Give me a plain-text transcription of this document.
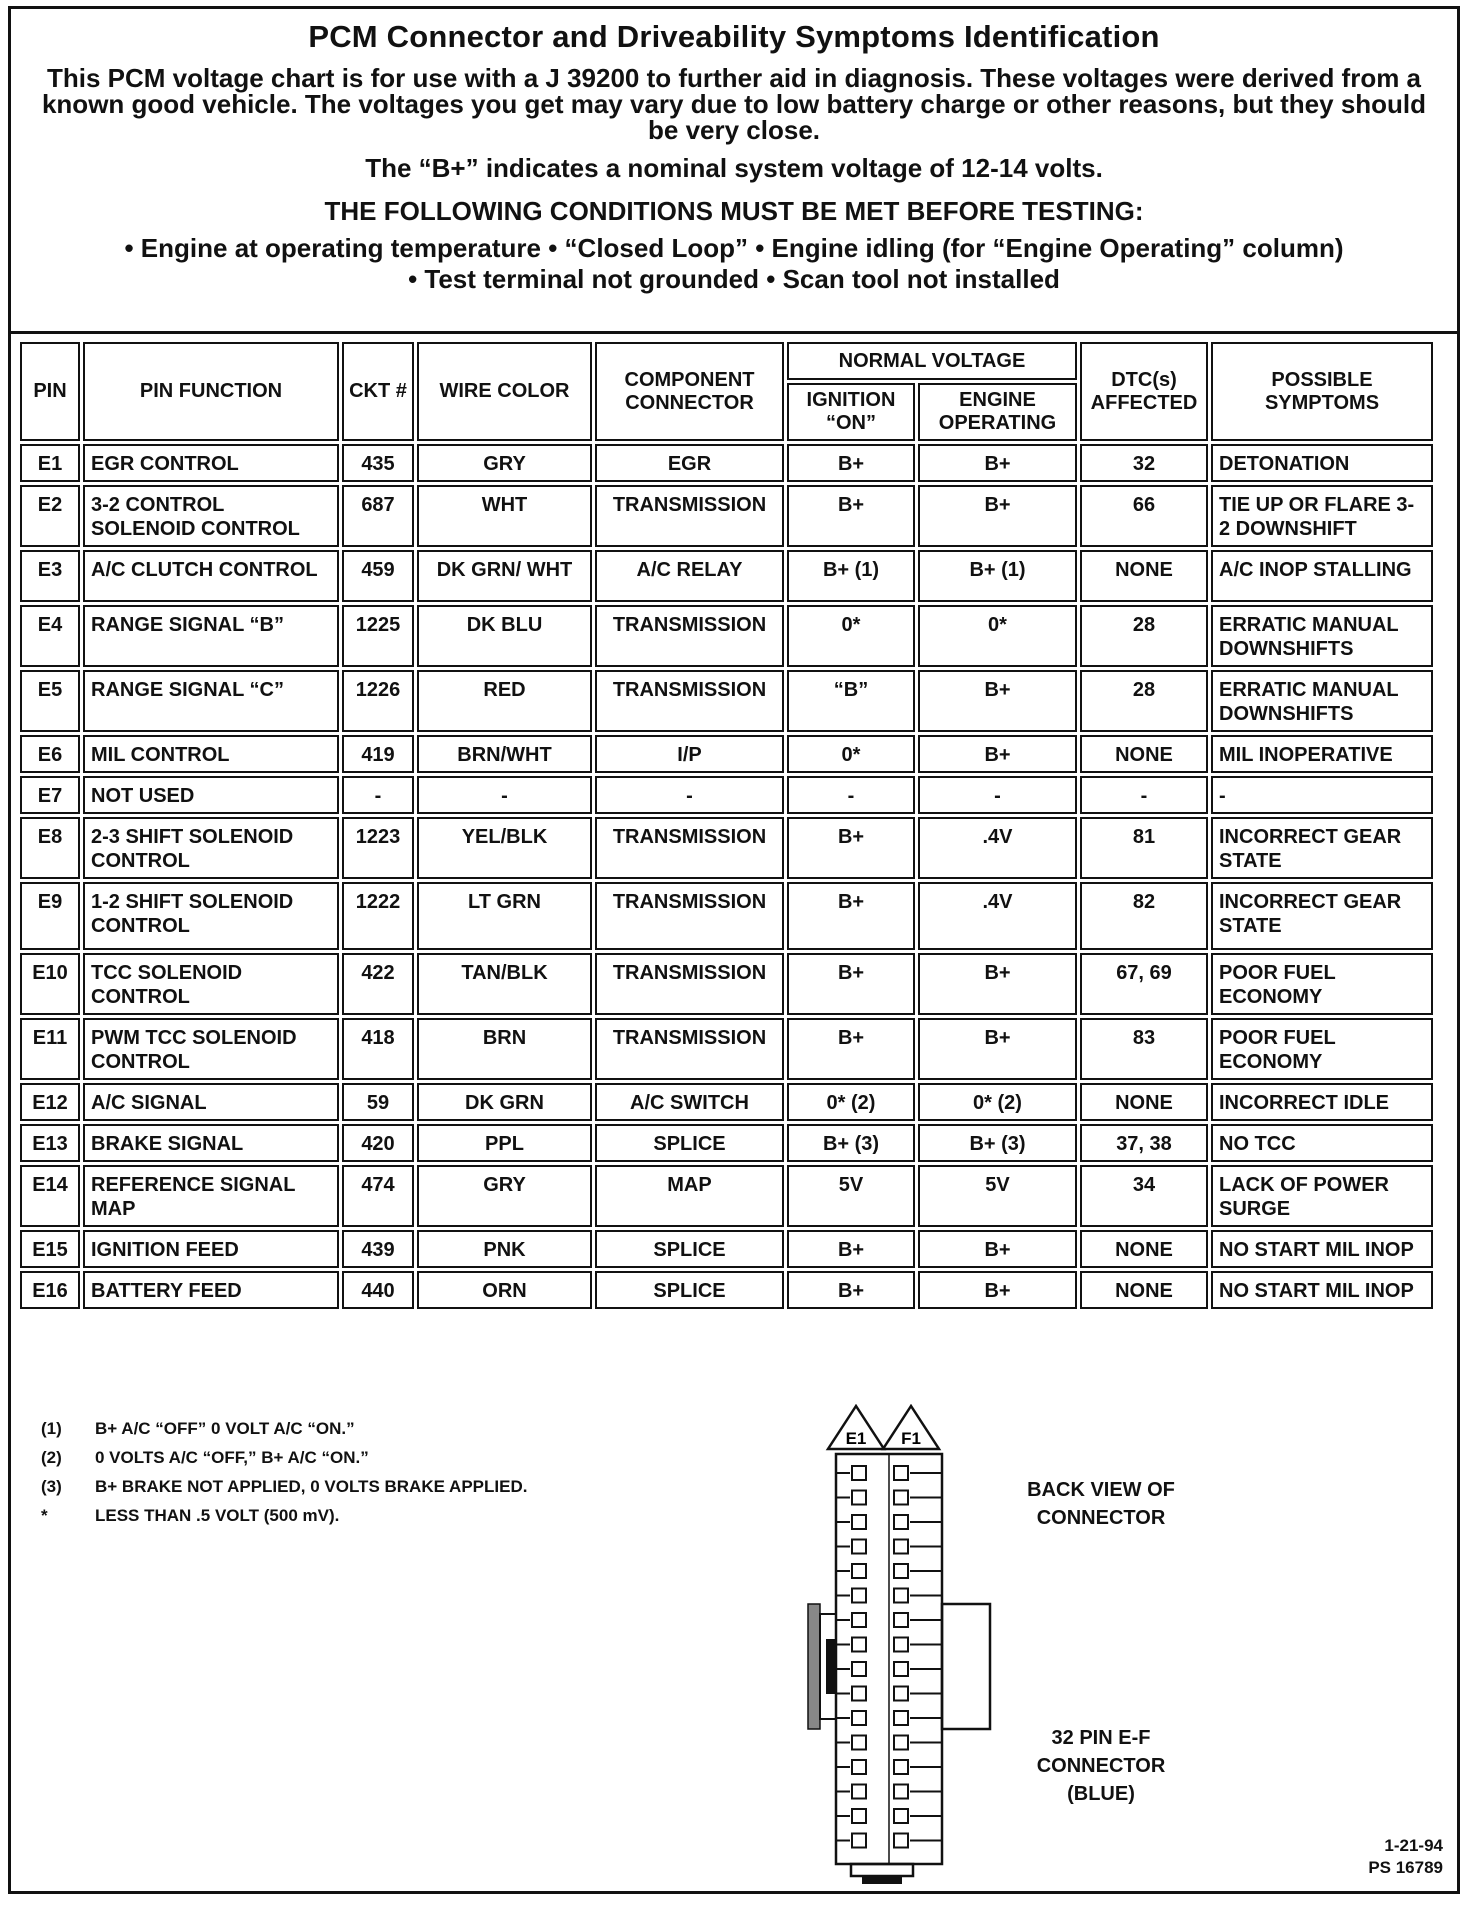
PCM Connector and Driveability Symptoms Identification
This PCM voltage chart is for use with a J 39200 to further aid in diagnosis. These voltages were derived from a known good vehicle. The voltages you get may vary due to low battery charge or other reasons, but they should be very close.
The “B+” indicates a nominal system voltage of 12-14 volts.
THE FOLLOWING CONDITIONS MUST BE MET BEFORE TESTING:
• Engine at operating temperature • “Closed Loop” • Engine idling (for “Engine Operating” column)
• Test terminal not grounded • Scan tool not installed
PIN	PIN FUNCTION	CKT #	WIRE COLOR	COMPONENT CONNECTOR	NORMAL VOLTAGE		DTC(s) AFFECTED	POSSIBLE SYMPTOMS
					IGNITION “ON”	ENGINE OPERATING		
E1	EGR CONTROL	435	GRY	EGR	B+	B+	32	DETONATION
E2	3-2 CONTROL SOLENOID CONTROL	687	WHT	TRANSMISSION	B+	B+	66	TIE UP OR FLARE 3-2 DOWNSHIFT
E3	A/C CLUTCH CONTROL	459	DK GRN/ WHT	A/C RELAY	B+ (1)	B+ (1)	NONE	A/C INOP STALLING
E4	RANGE SIGNAL “B”	1225	DK BLU	TRANSMISSION	0*	0*	28	ERRATIC MANUAL DOWNSHIFTS
E5	RANGE SIGNAL “C”	1226	RED	TRANSMISSION	“B”	B+	28	ERRATIC MANUAL DOWNSHIFTS
E6	MIL CONTROL	419	BRN/WHT	I/P	0*	B+	NONE	MIL INOPERATIVE
E7	NOT USED	-	-	-	-	-	-	-
E8	2-3 SHIFT SOLENOID CONTROL	1223	YEL/BLK	TRANSMISSION	B+	.4V	81	INCORRECT GEAR STATE
E9	1-2 SHIFT SOLENOID CONTROL	1222	LT GRN	TRANSMISSION	B+	.4V	82	INCORRECT GEAR STATE
E10	TCC SOLENOID CONTROL	422	TAN/BLK	TRANSMISSION	B+	B+	67, 69	POOR FUEL ECONOMY
E11	PWM TCC SOLENOID CONTROL	418	BRN	TRANSMISSION	B+	B+	83	POOR FUEL ECONOMY
E12	A/C SIGNAL	59	DK GRN	A/C SWITCH	0* (2)	0* (2)	NONE	INCORRECT IDLE
E13	BRAKE SIGNAL	420	PPL	SPLICE	B+ (3)	B+ (3)	37, 38	NO TCC
E14	REFERENCE SIGNAL MAP	474	GRY	MAP	5V	5V	34	LACK OF POWER SURGE
E15	IGNITION FEED	439	PNK	SPLICE	B+	B+	NONE	NO START MIL INOP
E16	BATTERY FEED	440	ORN	SPLICE	B+	B+	NONE	NO START MIL INOP
(1)	B+ A/C “OFF” 0 VOLT A/C “ON.”
(2)	0 VOLTS A/C “OFF,” B+ A/C “ON.”
(3)	B+ BRAKE NOT APPLIED, 0 VOLTS BRAKE APPLIED.
*	LESS THAN .5 VOLT (500 mV).
E1 F1
BACK VIEW OF CONNECTOR
32 PIN E-F CONNECTOR (BLUE)
1-21-94
PS 16789
